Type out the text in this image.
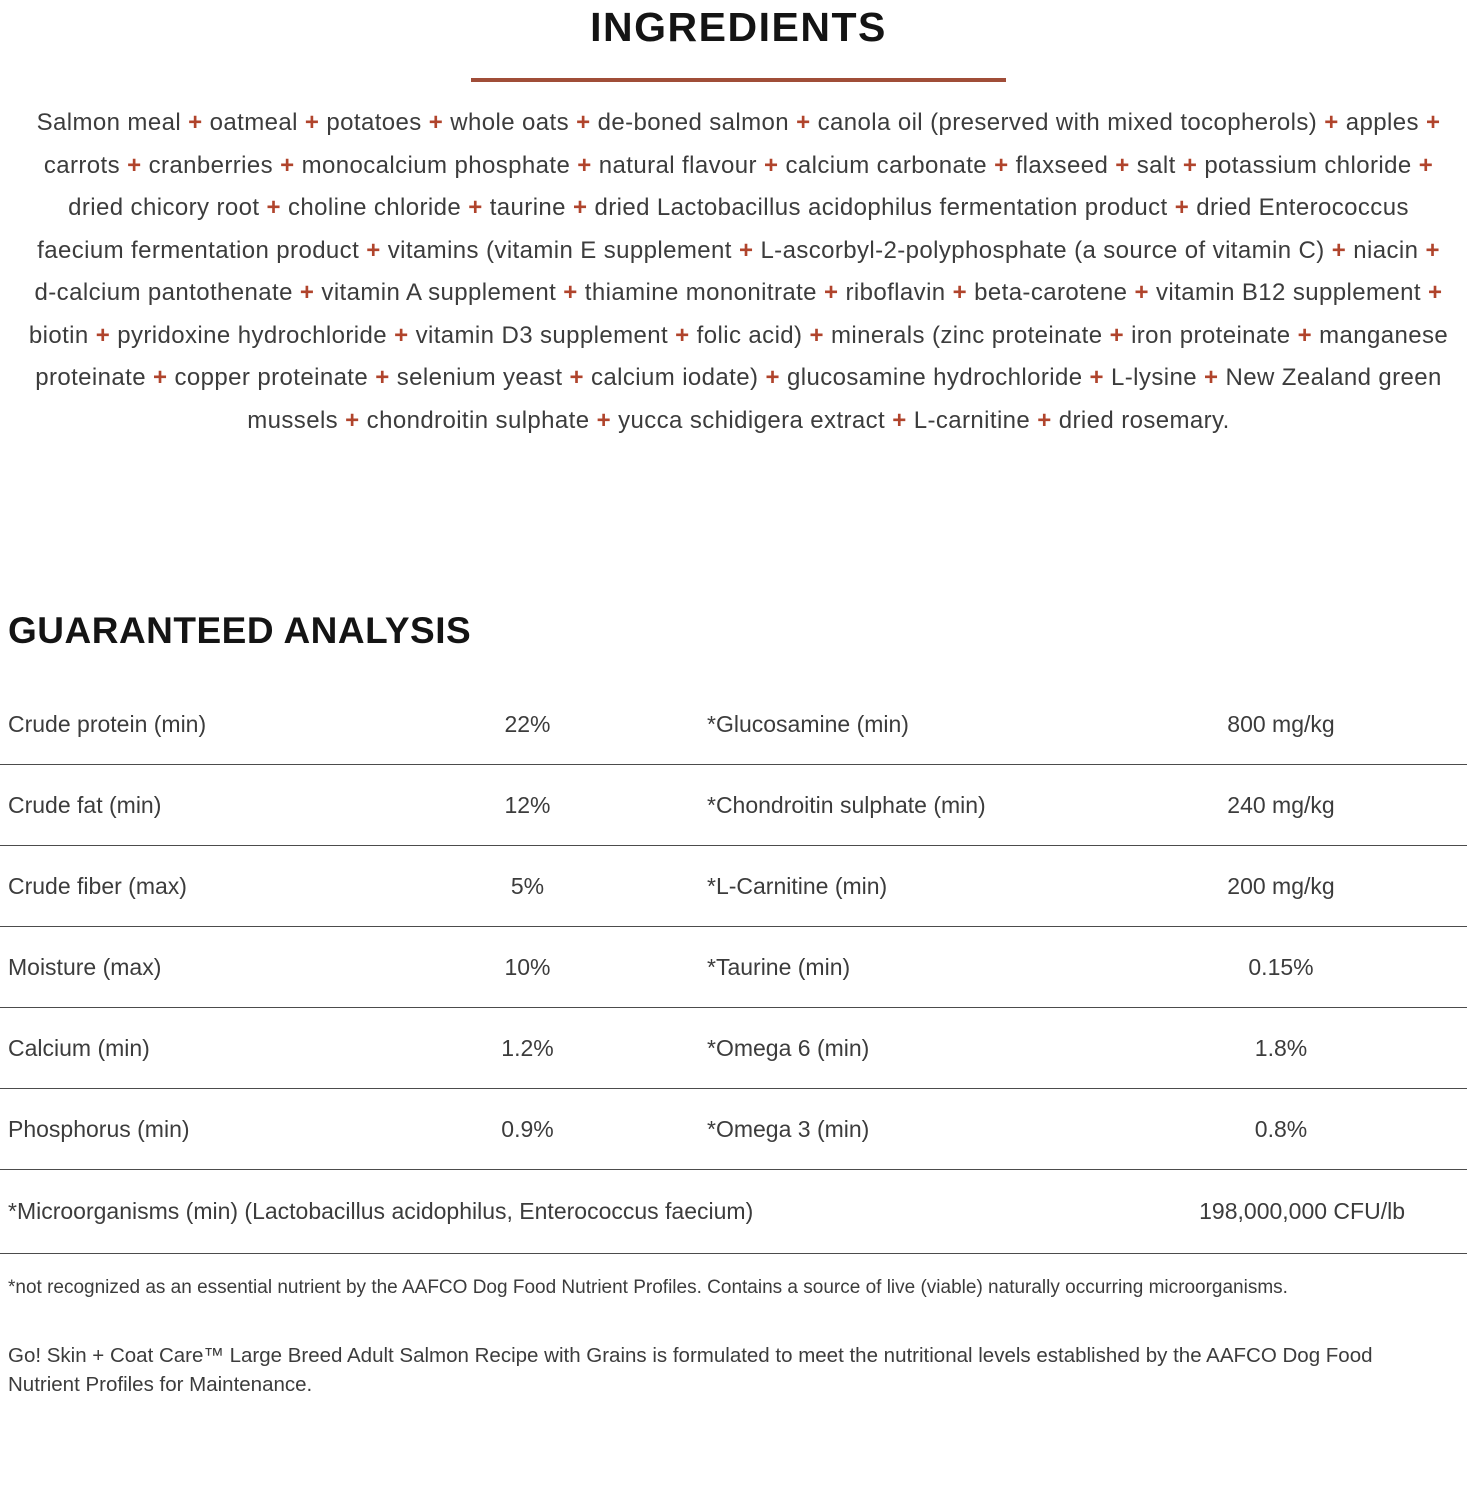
INGREDIENTS

Salmon meal + oatmeal + potatoes + whole oats + de-boned salmon + canola oil (preserved with mixed tocopherols) + apples + carrots + cranberries + monocalcium phosphate + natural flavour + calcium carbonate + flaxseed + salt + potassium chloride + dried chicory root + choline chloride + taurine + dried Lactobacillus acidophilus fermentation product + dried Enterococcus faecium fermentation product + vitamins (vitamin E supplement + L-ascorbyl-2-polyphosphate (a source of vitamin C) + niacin + d-calcium pantothenate + vitamin A supplement + thiamine mononitrate + riboflavin + beta-carotene + vitamin B12 supplement + biotin + pyridoxine hydrochloride + vitamin D3 supplement + folic acid) + minerals (zinc proteinate + iron proteinate + manganese proteinate + copper proteinate + selenium yeast + calcium iodate) + glucosamine hydrochloride + L-lysine + New Zealand green mussels + chondroitin sulphate + yucca schidigera extract + L-carnitine + dried rosemary.

GUARANTEED ANALYSIS
Crude protein (min)	22%	*Glucosamine (min)	800 mg/kg
Crude fat (min)	12%	*Chondroitin sulphate (min)	240 mg/kg
Crude fiber (max)	5%	*L-Carnitine (min)	200 mg/kg
Moisture (max)	10%	*Taurine (min)	0.15%
Calcium (min)	1.2%	*Omega 6 (min)	1.8%
Phosphorus (min)	0.9%	*Omega 3 (min)	0.8%
*Microorganisms (min) (Lactobacillus acidophilus, Enterococcus faecium)	198,000,000 CFU/lb

*not recognized as an essential nutrient by the AAFCO Dog Food Nutrient Profiles. Contains a source of live (viable) naturally occurring microorganisms.

Go! Skin + Coat Care™ Large Breed Adult Salmon Recipe with Grains is formulated to meet the nutritional levels established by the AAFCO Dog Food Nutrient Profiles for Maintenance.
